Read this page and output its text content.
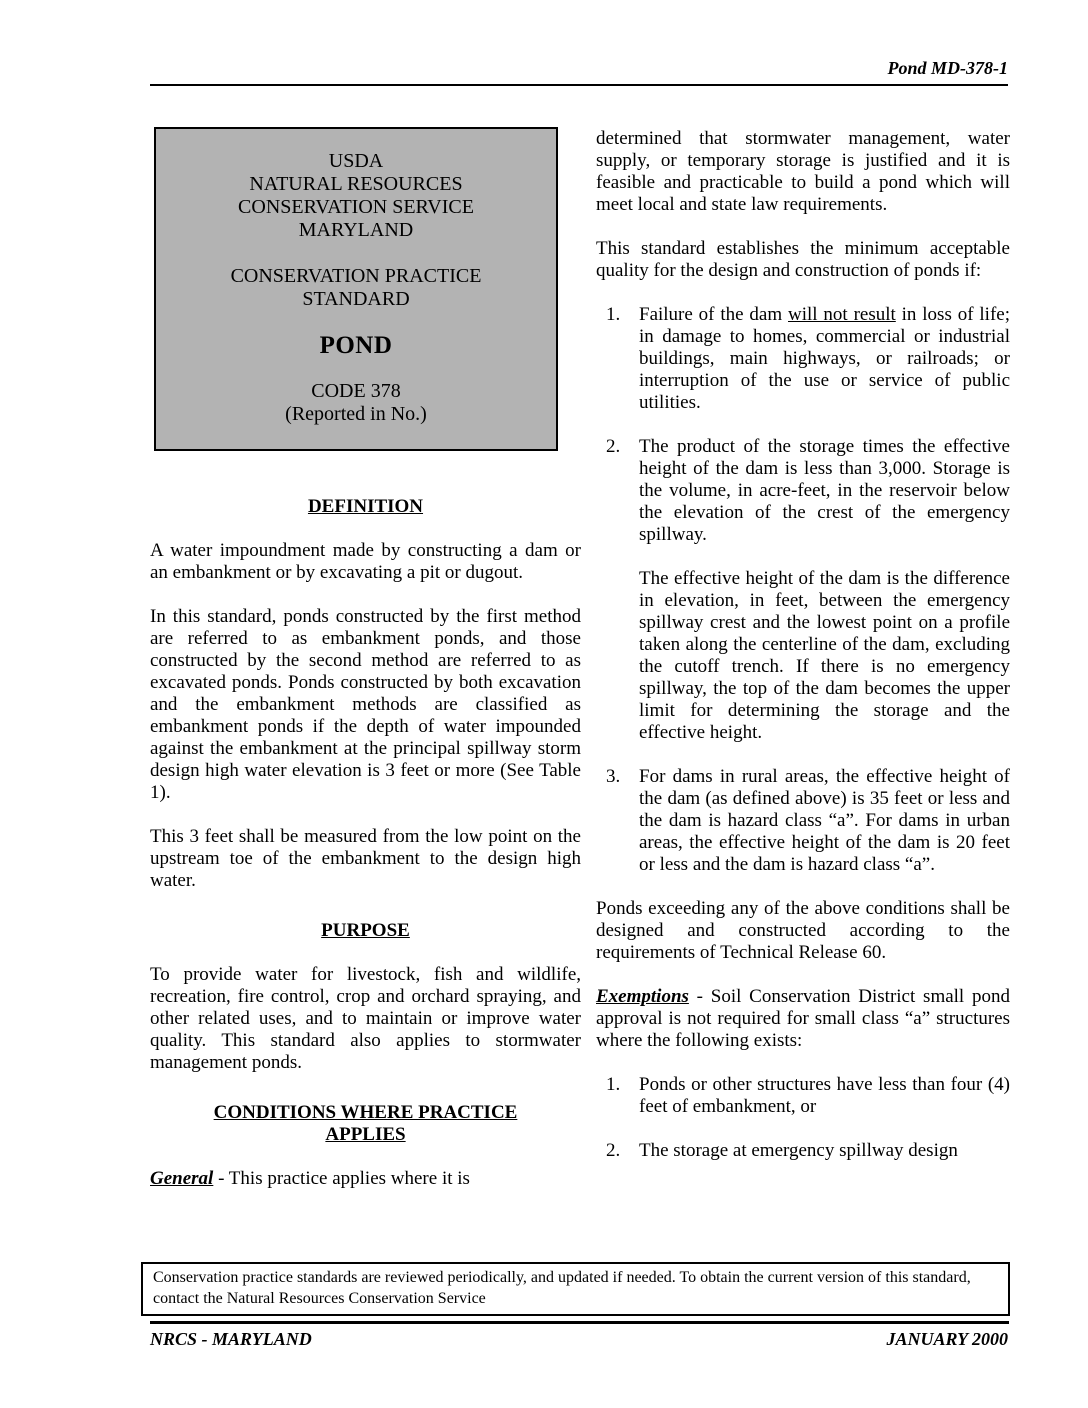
Pond MD-378-1
USDA
NATURAL RESOURCES
CONSERVATION SERVICE
MARYLAND
CONSERVATION PRACTICE
STANDARD
POND
CODE 378
(Reported in No.)
DEFINITION

A water impoundment made by constructing a dam or an embankment or by excavating a pit or dugout.

In this standard, ponds constructed by the first method are referred to as embankment ponds, and those constructed by the second method are referred to as excavated ponds. Ponds constructed by both excavation and the embankment methods are classified as embankment ponds if the depth of water impounded against the embankment at the principal spillway storm design high water elevation is 3 feet or more (See Table 1).

This 3 feet shall be measured from the low point on the upstream toe of the embankment to the design high water.

PURPOSE

To provide water for livestock, fish and wildlife, recreation, fire control, crop and orchard spraying, and other related uses, and to maintain or improve water quality. This standard also applies to stormwater management ponds.

CONDITIONS WHERE PRACTICE
APPLIES

General - This practice applies where it is

determined that stormwater management, water supply, or temporary storage is justified and it is feasible and practicable to build a pond which will meet local and state law requirements.

This standard establishes the minimum acceptable quality for the design and construction of ponds if:

1. Failure of the dam will not result in loss of life; in damage to homes, commercial or industrial buildings, main highways, or railroads; or interruption of the use or service of public utilities.
2. The product of the storage times the effective height of the dam is less than 3,000. Storage is the volume, in acre-feet, in the reservoir below the elevation of the crest of the emergency spillway.
The effective height of the dam is the difference in elevation, in feet, between the emergency spillway crest and the lowest point on a profile taken along the centerline of the dam, excluding the cutoff trench. If there is no emergency spillway, the top of the dam becomes the upper limit for determining the storage and the effective height.
3. For dams in rural areas, the effective height of the dam (as defined above) is 35 feet or less and the dam is hazard class “a”. For dams in urban areas, the effective height of the dam is 20 feet or less and the dam is hazard class “a”.

Ponds exceeding any of the above conditions shall be designed and constructed according to the requirements of Technical Release 60.

Exemptions - Soil Conservation District small pond approval is not required for small class “a” structures where the following exists:

1. Ponds or other structures have less than four (4) feet of embankment, or
2. The storage at emergency spillway design
Conservation practice standards are reviewed periodically, and updated if needed. To obtain the current version of this standard, contact the Natural Resources Conservation Service
NRCS - MARYLAND	JANUARY 2000
